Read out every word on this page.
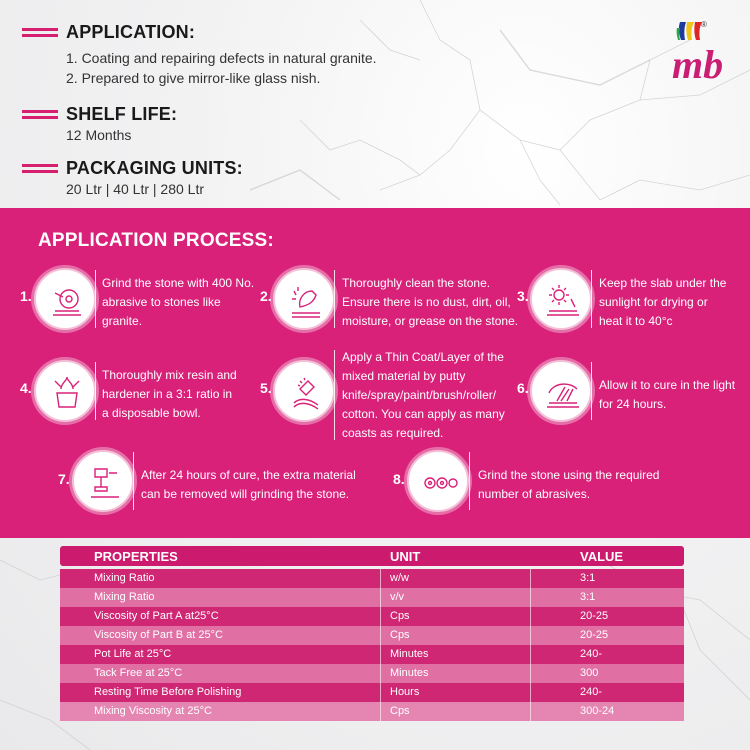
APPLICATION:
1. Coating and repairing defects in natural granite.
2. Prepared to give mirror-like glass nish.
SHELF LIFE:
12 Months
PACKAGING UNITS:
20 Ltr | 40 Ltr | 280 Ltr
®
mb
APPLICATION PROCESS:
1.
Grind the stone with 400 No.
abrasive to stones like
granite.
2.
Thoroughly clean the stone.
Ensure there is no dust, dirt, oil,
moisture, or grease on the stone.
3.
Keep the slab under the
sunlight for drying or
heat it to 40°c
4.
Thoroughly mix resin and
hardener in a 3:1 ratio in
a disposable bowl.
5.
Apply a Thin Coat/Layer of the
mixed material by putty
knife/spray/paint/brush/roller/
cotton. You can apply as many
coasts as required.
6.	Allow it to cure in the light
for 24 hours.
7.	After 24 hours of cure, the extra material
can be removed will grinding the stone.
8.	Grind the stone using the required
number of abrasives.
PROPERTIES	UNIT	VALUE
Mixing Ratio	w/w	3:1
Mixing Ratio	v/v	3:1
Viscosity of Part A at25°C	Cps	20-25
Viscosity of Part B at 25°C	Cps	20-25
Pot Life at 25°C	Minutes	240-
Tack Free at 25°C	Minutes	300
Resting Time Before Polishing	Hours	240-
Mixing Viscosity at 25°C	Cps	300-24
